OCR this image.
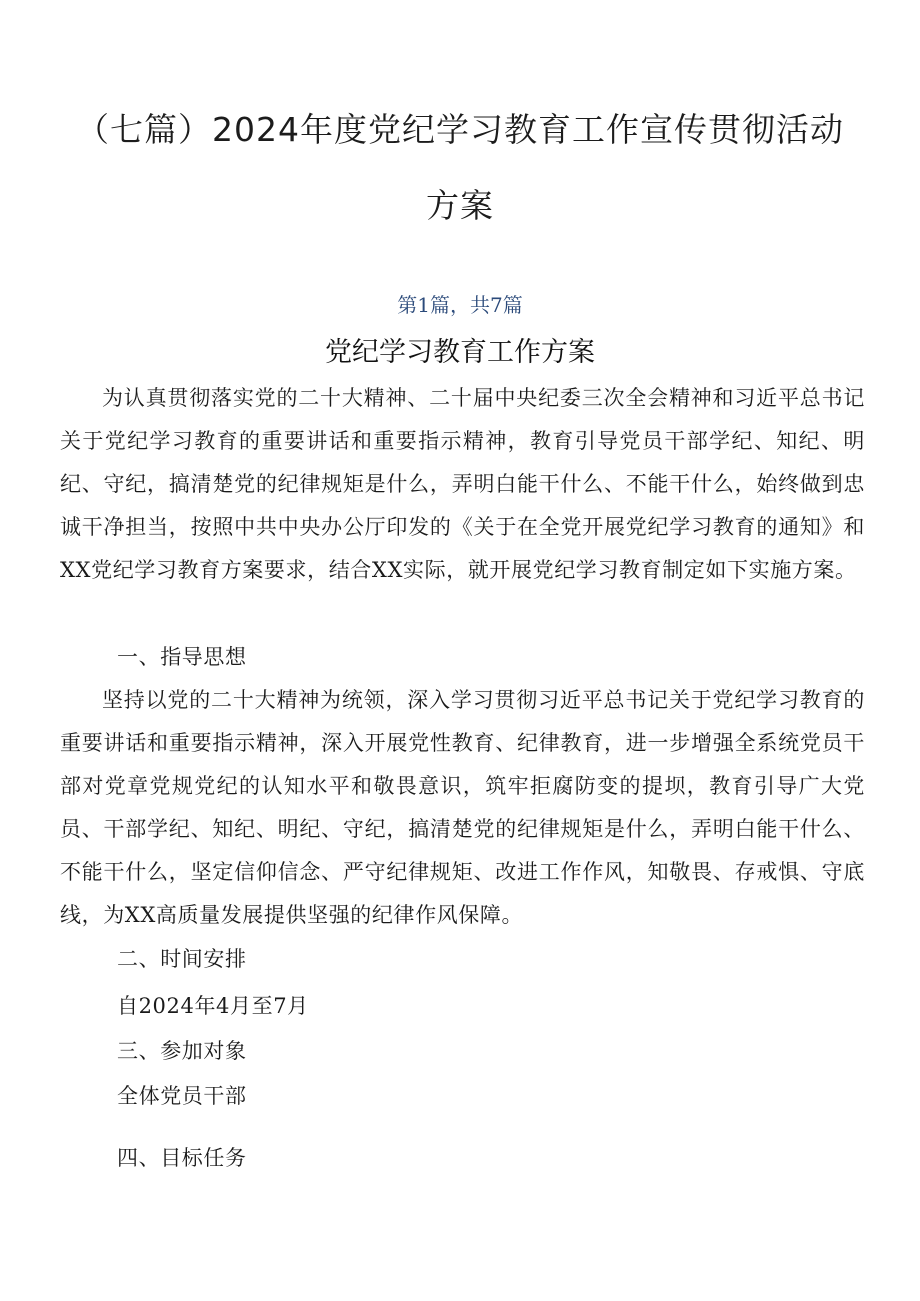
（七篇）2024年度党纪学习教育工作宣传贯彻活动
方案
第1篇，共7篇
党纪学习教育工作方案

为认真贯彻落实党的二十大精神、二十届中央纪委三次全会精神和习近平总书记关于党纪学习教育的重要讲话和重要指示精神，教育引导党员干部学纪、知纪、明纪、守纪，搞清楚党的纪律规矩是什么，弄明白能干什么、不能干什么，始终做到忠诚干净担当，按照中共中央办公厅印发的《关于在全党开展党纪学习教育的通知》和XX党纪学习教育方案要求，结合XX实际，就开展党纪学习教育制定如下实施方案。

一、指导思想

坚持以党的二十大精神为统领，深入学习贯彻习近平总书记关于党纪学习教育的重要讲话和重要指示精神，深入开展党性教育、纪律教育，进一步增强全系统党员干部对党章党规党纪的认知水平和敬畏意识，筑牢拒腐防变的提坝，教育引导广大党员、干部学纪、知纪、明纪、守纪，搞清楚党的纪律规矩是什么，弄明白能干什么、不能干什么，坚定信仰信念、严守纪律规矩、改进工作作风，知敬畏、存戒惧、守底线，为XX高质量发展提供坚强的纪律作风保障。

二、时间安排

自2024年4月至7月

三、参加对象

全体党员干部

四、目标任务
